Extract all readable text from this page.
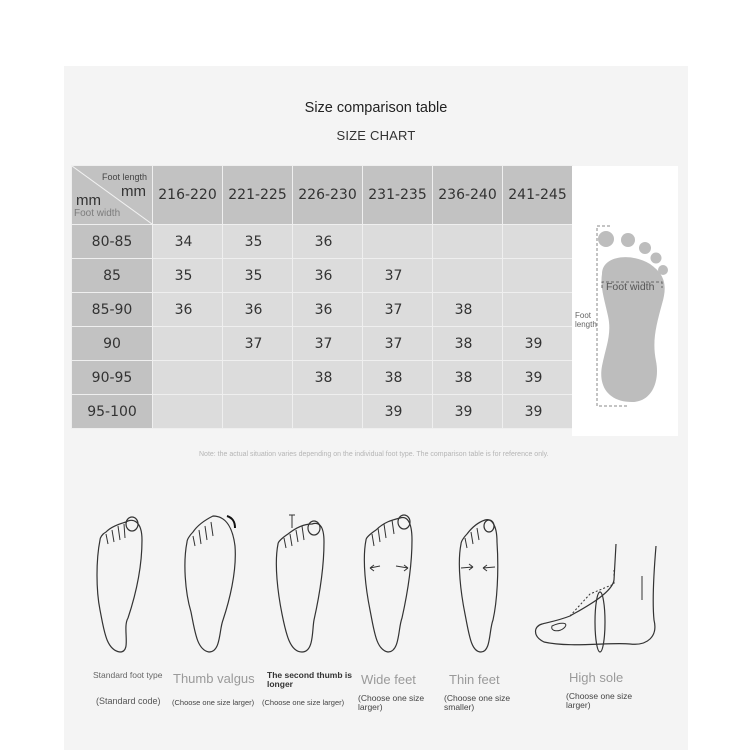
Size comparison table
SIZE CHART
Foot length
mm
mm
Foot width	216-220	221-225	226-230	231-235	236-240	241-245
80-85	34	35	36			
85	35	35	36	37		
85-90	36	36	36	37	38	
90		37	37	37	38	39
90-95			38	38	38	39
95-100				39	39	39
Foot width
Foot
length
Note: the actual situation varies depending on the individual foot type. The comparison table is for reference only.
Standard foot type
(Standard code)
Thumb valgus
(Choose one size larger)
The second thumb is longer
(Choose one size larger)
Wide feet
(Choose one size larger)
Thin feet
(Choose one size smaller)
High sole
(Choose one size larger)
